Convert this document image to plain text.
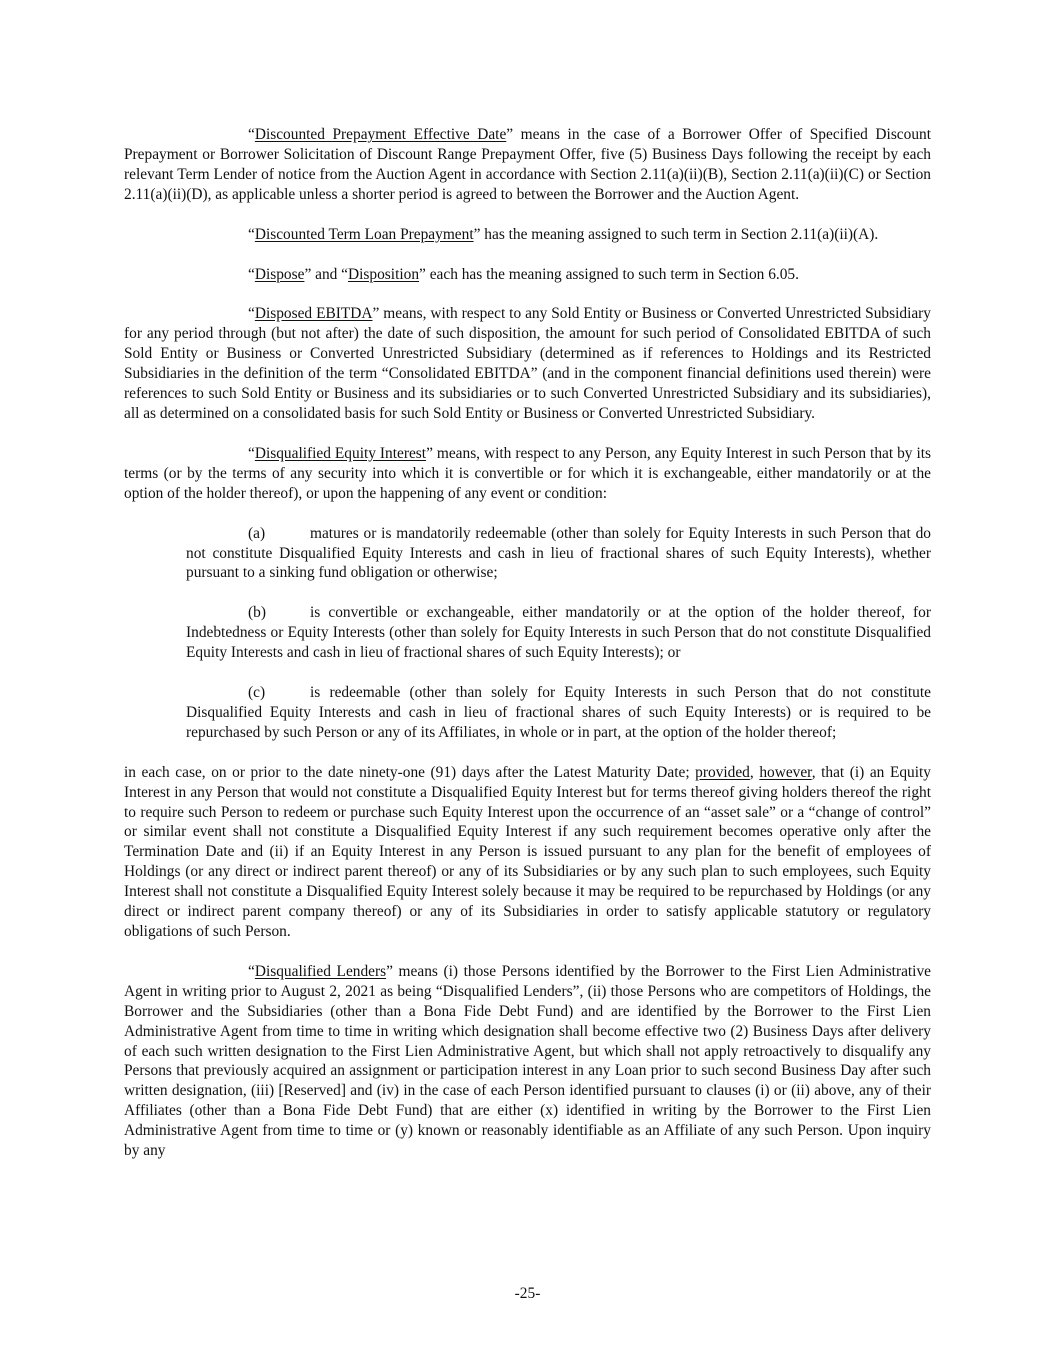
“Discounted Prepayment Effective Date” means in the case of a Borrower Offer of Specified Discount Prepayment or Borrower Solicitation of Discount Range Prepayment Offer, five (5) Business Days following the receipt by each relevant Term Lender of notice from the Auction Agent in accordance with Section 2.11(a)(ii)(B), Section 2.11(a)(ii)(C) or Section 2.11(a)(ii)(D), as applicable unless a shorter period is agreed to between the Borrower and the Auction Agent.

“Discounted Term Loan Prepayment” has the meaning assigned to such term in Section 2.11(a)(ii)(A).

“Dispose” and “Disposition” each has the meaning assigned to such term in Section 6.05.

“Disposed EBITDA” means, with respect to any Sold Entity or Business or Converted Unrestricted Subsidiary for any period through (but not after) the date of such disposition, the amount for such period of Consolidated EBITDA of such Sold Entity or Business or Converted Unrestricted Subsidiary (determined as if references to Holdings and its Restricted Subsidiaries in the definition of the term “Consolidated EBITDA” (and in the component financial definitions used therein) were references to such Sold Entity or Business and its subsidiaries or to such Converted Unrestricted Subsidiary and its subsidiaries), all as determined on a consolidated basis for such Sold Entity or Business or Converted Unrestricted Subsidiary.

“Disqualified Equity Interest” means, with respect to any Person, any Equity Interest in such Person that by its terms (or by the terms of any security into which it is convertible or for which it is exchangeable, either mandatorily or at the option of the holder thereof), or upon the happening of any event or condition:

(a)	matures or is mandatorily redeemable (other than solely for Equity Interests in such Person that do not constitute Disqualified Equity Interests and cash in lieu of fractional shares of such Equity Interests), whether pursuant to a sinking fund obligation or otherwise;

(b)	is convertible or exchangeable, either mandatorily or at the option of the holder thereof, for Indebtedness or Equity Interests (other than solely for Equity Interests in such Person that do not constitute Disqualified Equity Interests and cash in lieu of fractional shares of such Equity Interests); or

(c)	is redeemable (other than solely for Equity Interests in such Person that do not constitute Disqualified Equity Interests and cash in lieu of fractional shares of such Equity Interests) or is required to be repurchased by such Person or any of its Affiliates, in whole or in part, at the option of the holder thereof;

in each case, on or prior to the date ninety-one (91) days after the Latest Maturity Date; provided, however, that (i) an Equity Interest in any Person that would not constitute a Disqualified Equity Interest but for terms thereof giving holders thereof the right to require such Person to redeem or purchase such Equity Interest upon the occurrence of an “asset sale” or a “change of control” or similar event shall not constitute a Disqualified Equity Interest if any such requirement becomes operative only after the Termination Date and (ii) if an Equity Interest in any Person is issued pursuant to any plan for the benefit of employees of Holdings (or any direct or indirect parent thereof) or any of its Subsidiaries or by any such plan to such employees, such Equity Interest shall not constitute a Disqualified Equity Interest solely because it may be required to be repurchased by Holdings (or any direct or indirect parent company thereof) or any of its Subsidiaries in order to satisfy applicable statutory or regulatory obligations of such Person.

“Disqualified Lenders” means (i) those Persons identified by the Borrower to the First Lien Administrative Agent in writing prior to August 2, 2021 as being “Disqualified Lenders”, (ii) those Persons who are competitors of Holdings, the Borrower and the Subsidiaries (other than a Bona Fide Debt Fund) and are identified by the Borrower to the First Lien Administrative Agent from time to time in writing which designation shall become effective two (2) Business Days after delivery of each such written designation to the First Lien Administrative Agent, but which shall not apply retroactively to disqualify any Persons that previously acquired an assignment or participation interest in any Loan prior to such second Business Day after such written designation, (iii) [Reserved] and (iv) in the case of each Person identified pursuant to clauses (i) or (ii) above, any of their Affiliates (other than a Bona Fide Debt Fund) that are either (x) identified in writing by the Borrower to the First Lien Administrative Agent from time to time or (y) known or reasonably identifiable as an Affiliate of any such Person. Upon inquiry by any

-25-
